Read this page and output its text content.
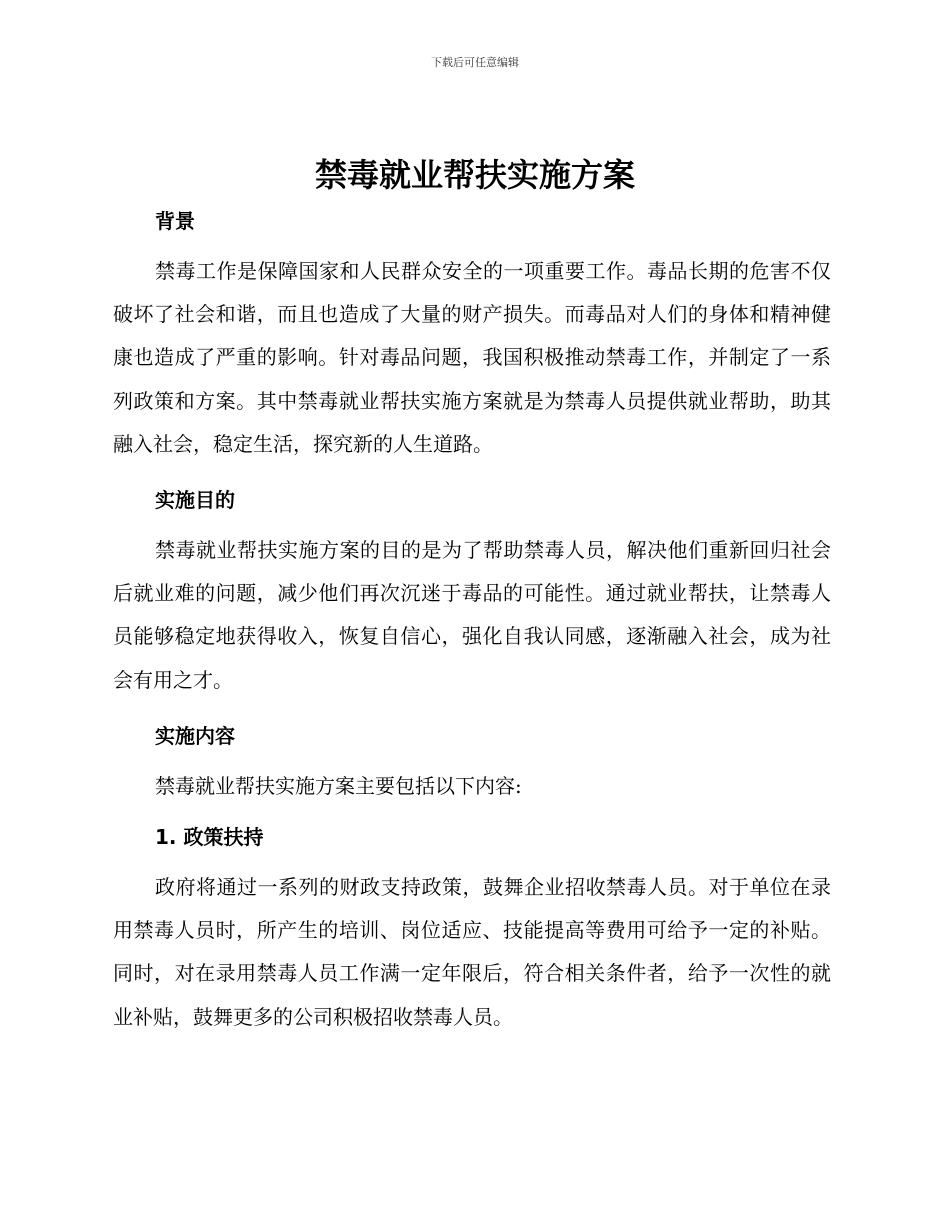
下载后可任意编辑
禁毒就业帮扶实施方案
背景

禁毒工作是保障国家和人民群众安全的一项重要工作。毒品长期的危害不仅破坏了社会和谐，而且也造成了大量的财产损失。而毒品对人们的身体和精神健康也造成了严重的影响。针对毒品问题，我国积极推动禁毒工作，并制定了一系列政策和方案。其中禁毒就业帮扶实施方案就是为禁毒人员提供就业帮助，助其融入社会，稳定生活，探究新的人生道路。

实施目的

禁毒就业帮扶实施方案的目的是为了帮助禁毒人员，解决他们重新回归社会后就业难的问题，减少他们再次沉迷于毒品的可能性。通过就业帮扶，让禁毒人员能够稳定地获得收入，恢复自信心，强化自我认同感，逐渐融入社会，成为社会有用之才。

实施内容

禁毒就业帮扶实施方案主要包括以下内容:

1. 政策扶持

政府将通过一系列的财政支持政策，鼓舞企业招收禁毒人员。对于单位在录用禁毒人员时，所产生的培训、岗位适应、技能提高等费用可给予一定的补贴。同时，对在录用禁毒人员工作满一定年限后，符合相关条件者，给予一次性的就业补贴，鼓舞更多的公司积极招收禁毒人员。
